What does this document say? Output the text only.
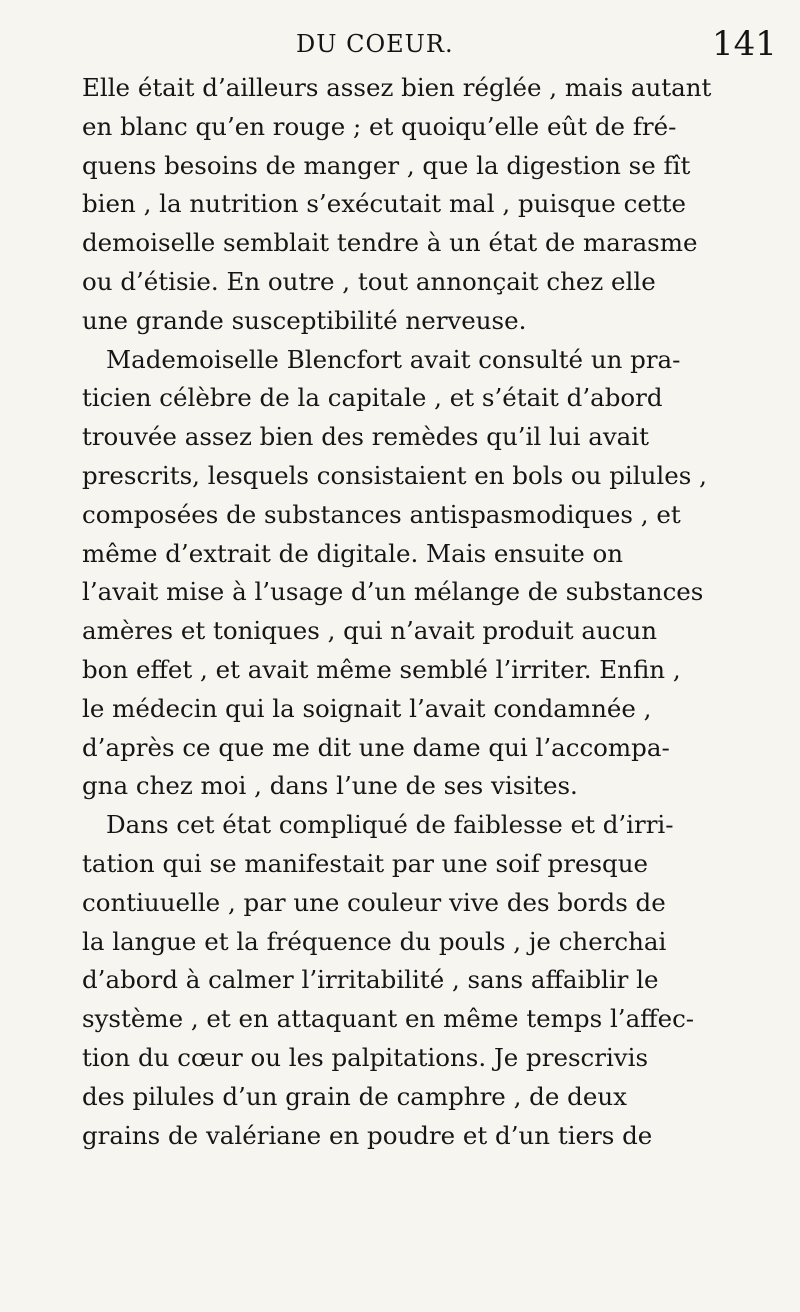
DU COEUR.	141
Elle était d’ailleurs assez bien réglée , mais autant
en blanc qu’en rouge ; et quoiqu’elle eût de fré-
quens besoins de manger , que la digestion se fît
bien , la nutrition s’exécutait mal , puisque cette
demoiselle semblait tendre à un état de marasme
ou d’étisie. En outre , tout annonçait chez elle
une grande susceptibilité nerveuse.
Mademoiselle Blencfort avait consulté un pra-
ticien célèbre de la capitale , et s’était d’abord
trouvée assez bien des remèdes qu’il lui avait
prescrits, lesquels consistaient en bols ou pilules ,
composées de substances antispasmodiques , et
même d’extrait de digitale. Mais ensuite on
l’avait mise à l’usage d’un mélange de substances
amères et toniques , qui n’avait produit aucun
bon effet , et avait même semblé l’irriter. Enfin ,
le médecin qui la soignait l’avait condamnée ,
d’après ce que me dit une dame qui l’accompa-
gna chez moi , dans l’une de ses visites.
Dans cet état compliqué de faiblesse et d’irri-
tation qui se manifestait par une soif presque
contiuuelle , par une couleur vive des bords de
la langue et la fréquence du pouls , je cherchai
d’abord à calmer l’irritabilité , sans affaiblir le
système , et en attaquant en même temps l’affec-
tion du cœur ou les palpitations. Je prescrivis
des pilules d’un grain de camphre , de deux
grains de valériane en poudre et d’un tiers de
